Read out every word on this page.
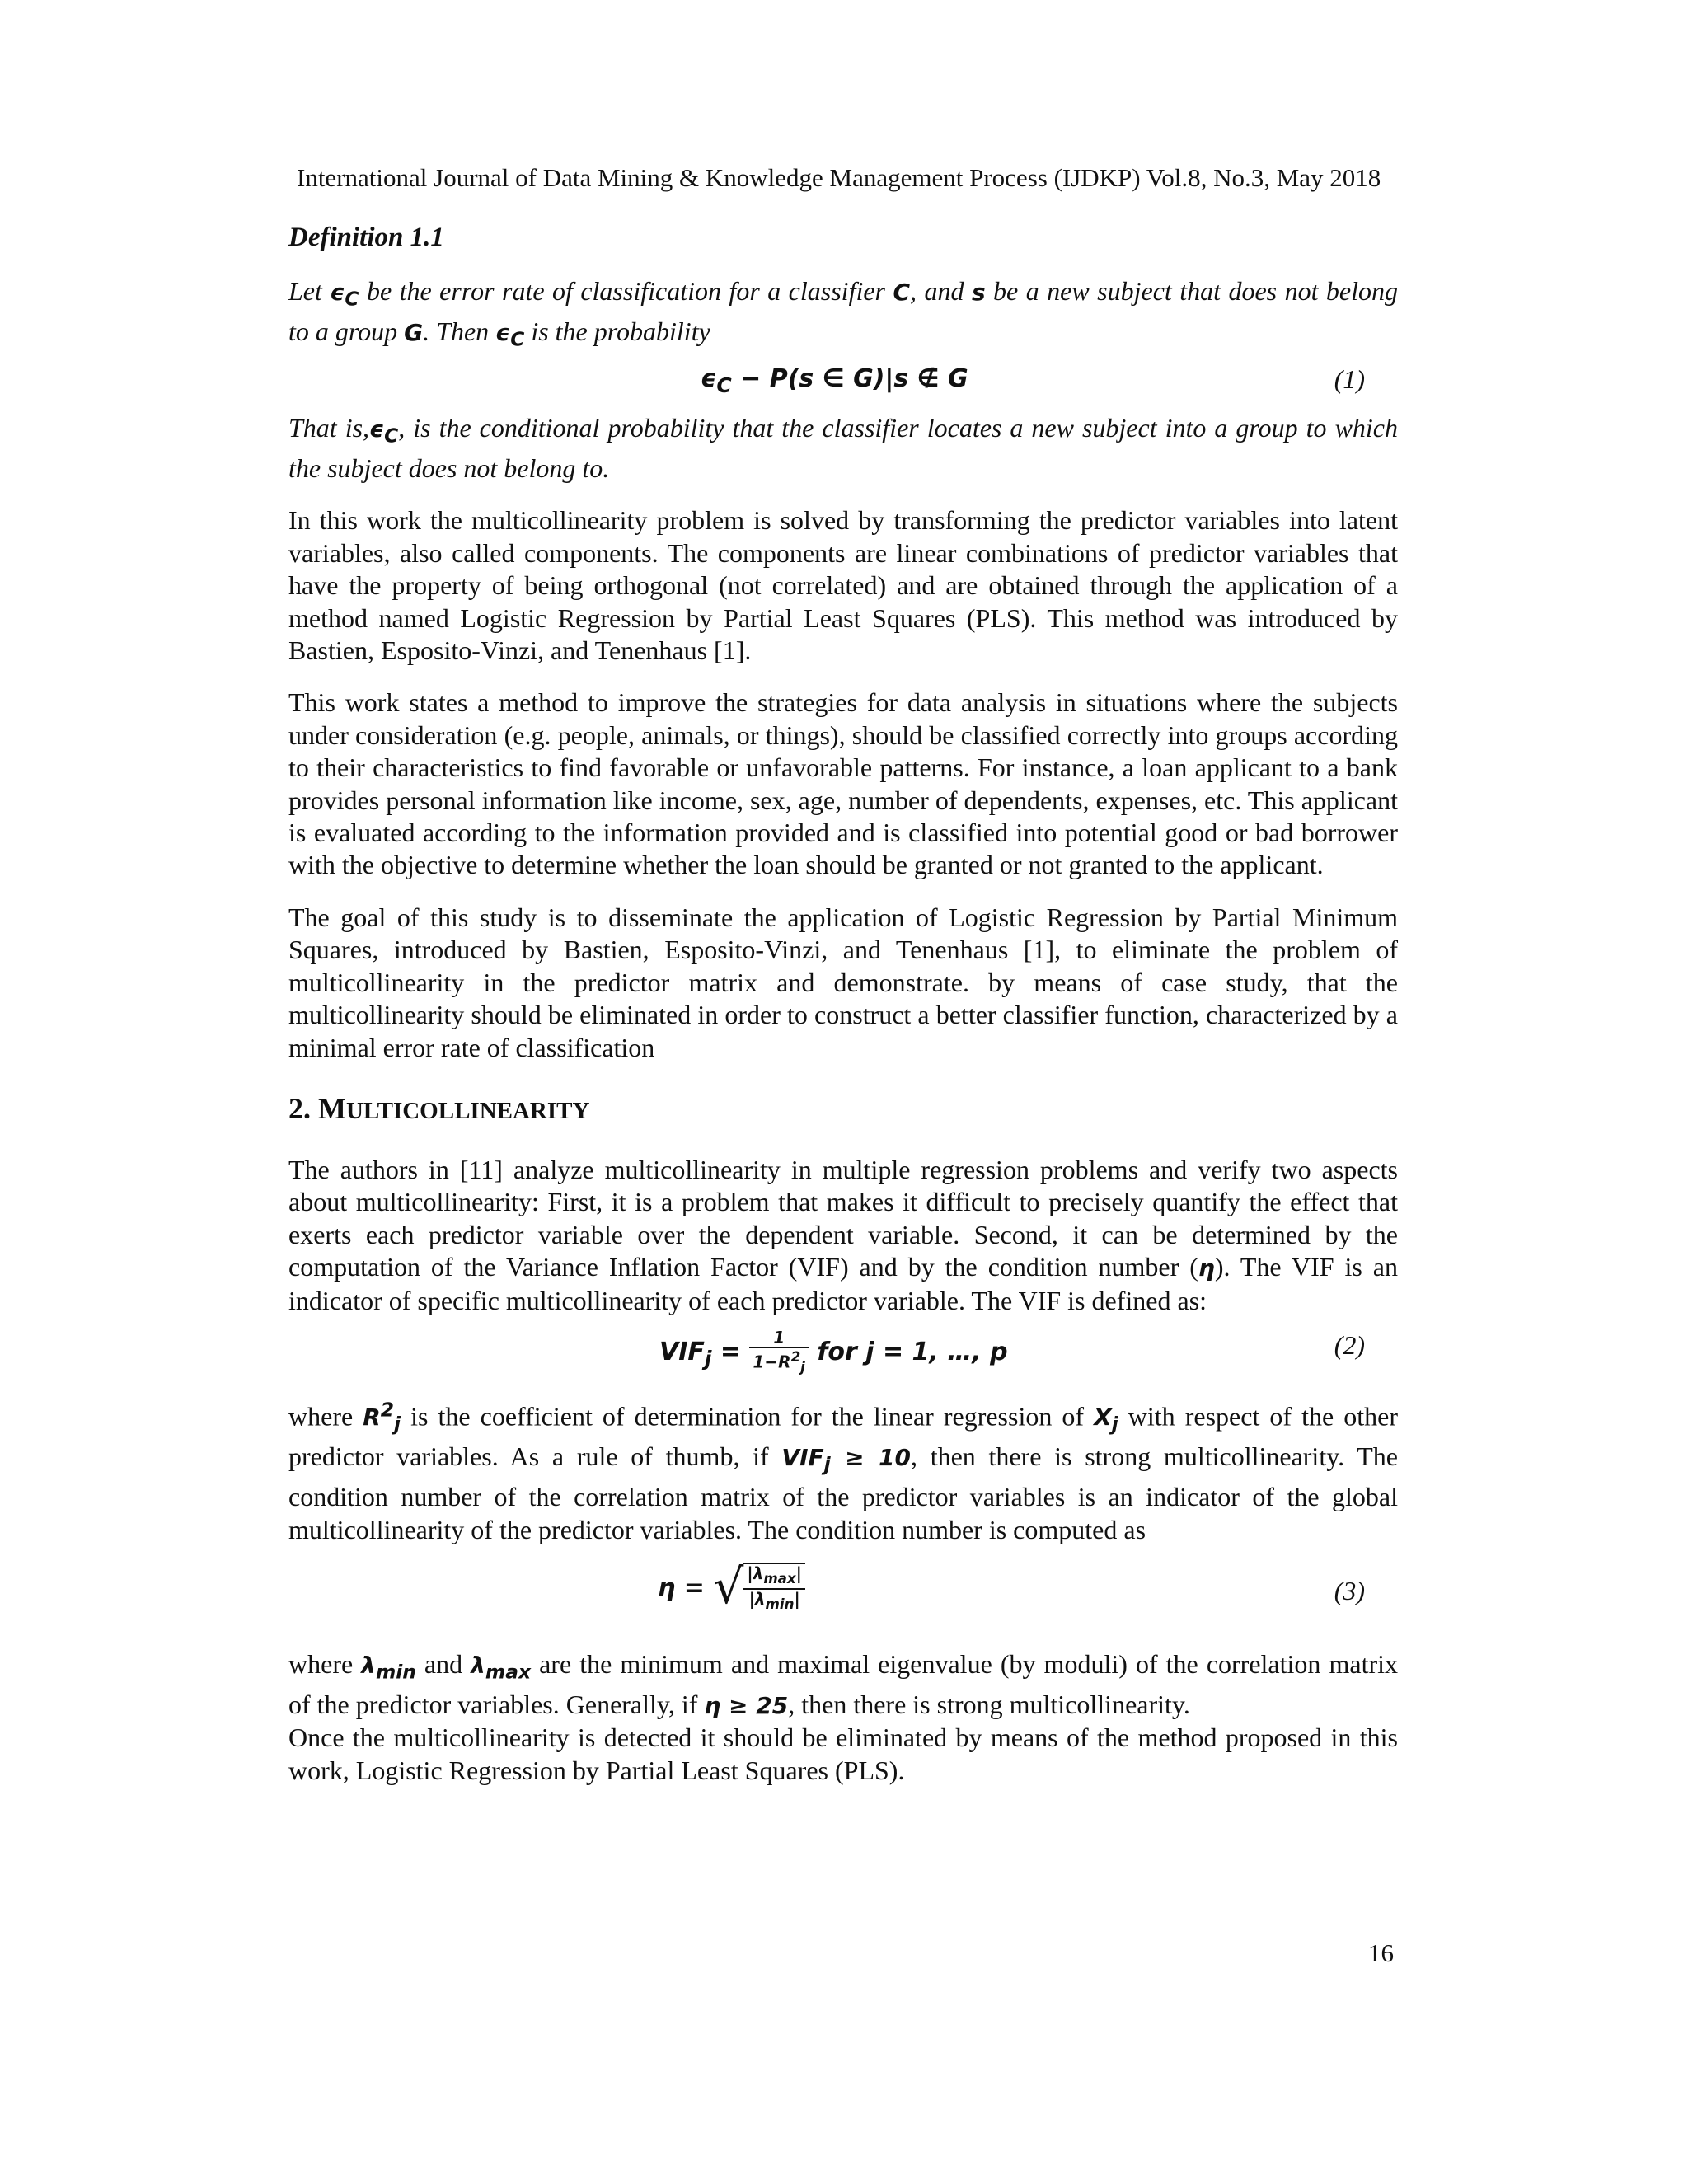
International Journal of Data Mining & Knowledge Management Process (IJDKP) Vol.8, No.3, May 2018

Definition 1.1

Let $\epsilon_C$ be the error rate of classification for a classifier C, and s be a new subject that does not belong to a group G. Then $\epsilon_C$ is the probability

$\epsilon_C - P(s$ ∈ G)|s ∉ G	(1)

That $is,\epsilon_C$, is the conditional probability that the classifier locates a new subject into a group to which the subject does not belong to.

In this work the multicollinearity problem is solved by transforming the predictor variables into latent variables, also called components. The components are linear combinations of predictor variables that have the property of being orthogonal (not correlated) and are obtained through the application of a method named Logistic Regression by Partial Least Squares (PLS). This method was introduced by Bastien, Esposito-Vinzi, and Tenenhaus [1].

This work states a method to improve the strategies for data analysis in situations where the subjects under consideration (e.g. people, animals, or things), should be classified correctly into groups according to their characteristics to find favorable or unfavorable patterns. For instance, a loan applicant to a bank provides personal information like income, sex, age, number of dependents, expenses, etc. This applicant is evaluated according to the information provided and is classified into potential good or bad borrower with the objective to determine whether the loan should be granted or not granted to the applicant.

The goal of this study is to disseminate the application of Logistic Regression by Partial Minimum Squares, introduced by Bastien, Esposito-Vinzi, and Tenenhaus [1], to eliminate the problem of multicollinearity in the predictor matrix and demonstrate. by means of case study, that the multicollinearity should be eliminated in order to construct a better classifier function, characterized by a minimal error rate of classification

2. MULTICOLLINEARITY

The authors in [11] analyze multicollinearity in multiple regression problems and verify two aspects about multicollinearity: First, it is a problem that makes it difficult to precisely quantify the effect that exerts each predictor variable over the dependent variable. Second, it can be determined by the computation of the Variance Inflation Factor (VIF) and by the condition number (η). The VIF is an indicator of specific multicollinearity of each predictor variable. The VIF is defined as:

$VIF_j = \frac{1}{1-R^2_j}$ for j = 1, …, p	(2)

where $R^2_j$ is the coefficient of determination for the linear regression of $X_j$ with respect of the other predictor variables. As a rule of thumb, if $VIF_j \ge 10$, then there is strong multicollinearity. The condition number of the correlation matrix of the predictor variables is an indicator of the global multicollinearity of the predictor variables. The condition number is computed as

η = √ $\frac{|\lambda_{max}|}{|\lambda_{min}|}$	(3)

where $\lambda_{min}$ and $\lambda_{max}$ are the minimum and maximal eigenvalue (by moduli) of the correlation matrix of the predictor variables. Generally, if η ≥ 25, then there is strong multicollinearity.

Once the multicollinearity is detected it should be eliminated by means of the method proposed in this work, Logistic Regression by Partial Least Squares (PLS).

16
